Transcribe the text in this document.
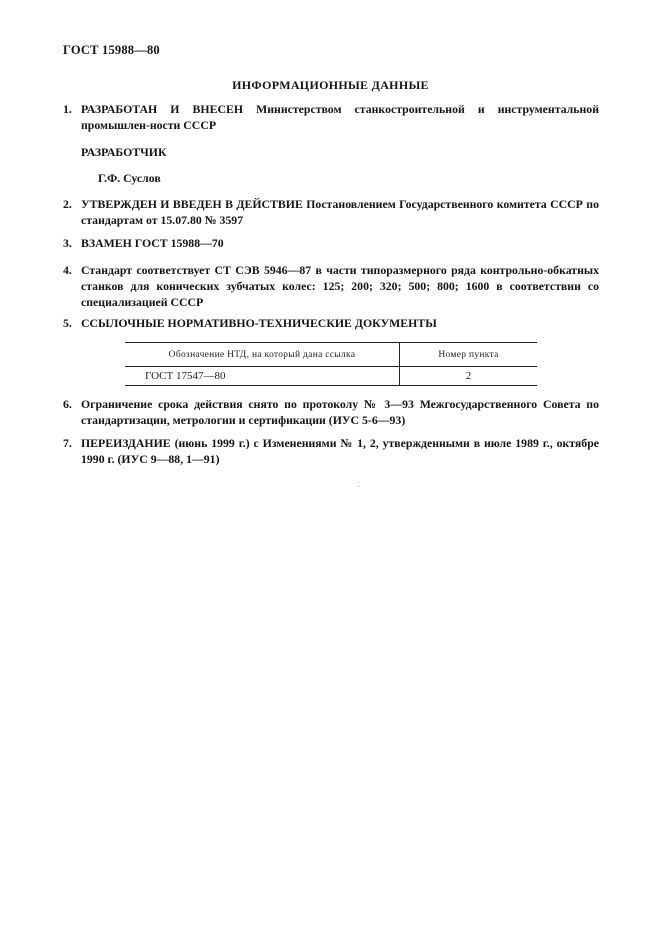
ГОСТ 15988—80
ИНФОРМАЦИОННЫЕ ДАННЫЕ
1. РАЗРАБОТАН И ВНЕСЕН Министерством станкостроительной и инструментальной промышлен-ности СССР
РАЗРАБОТЧИК
Г.Ф. Суслов
2. УТВЕРЖДЕН И ВВЕДЕН В ДЕЙСТВИЕ Постановлением Государственного комитета СССР по стандартам от 15.07.80 № 3597
3. ВЗАМЕН ГОСТ 15988—70
4. Стандарт соответствует СТ СЭВ 5946—87 в части типоразмерного ряда контрольно-обкатных станков для конических зубчатых колес: 125; 200; 320; 500; 800; 1600 в соответствии со специализацией СССР
5. ССЫЛОЧНЫЕ НОРМАТИВНО-ТЕХНИЧЕСКИЕ ДОКУМЕНТЫ
Обозначение НТД, на который дана ссылка	Номер пункта
ГОСТ 17547—80	2
6. Ограничение срока действия снято по протоколу № 3—93 Межгосударственного Совета по стандартизации, метрологии и сертификации (ИУС 5-6—93)
7. ПЕРЕИЗДАНИЕ (июнь 1999 г.) с Изменениями № 1, 2, утвержденными в июле 1989 г., октябре 1990 г. (ИУС 9—88, 1—91)
